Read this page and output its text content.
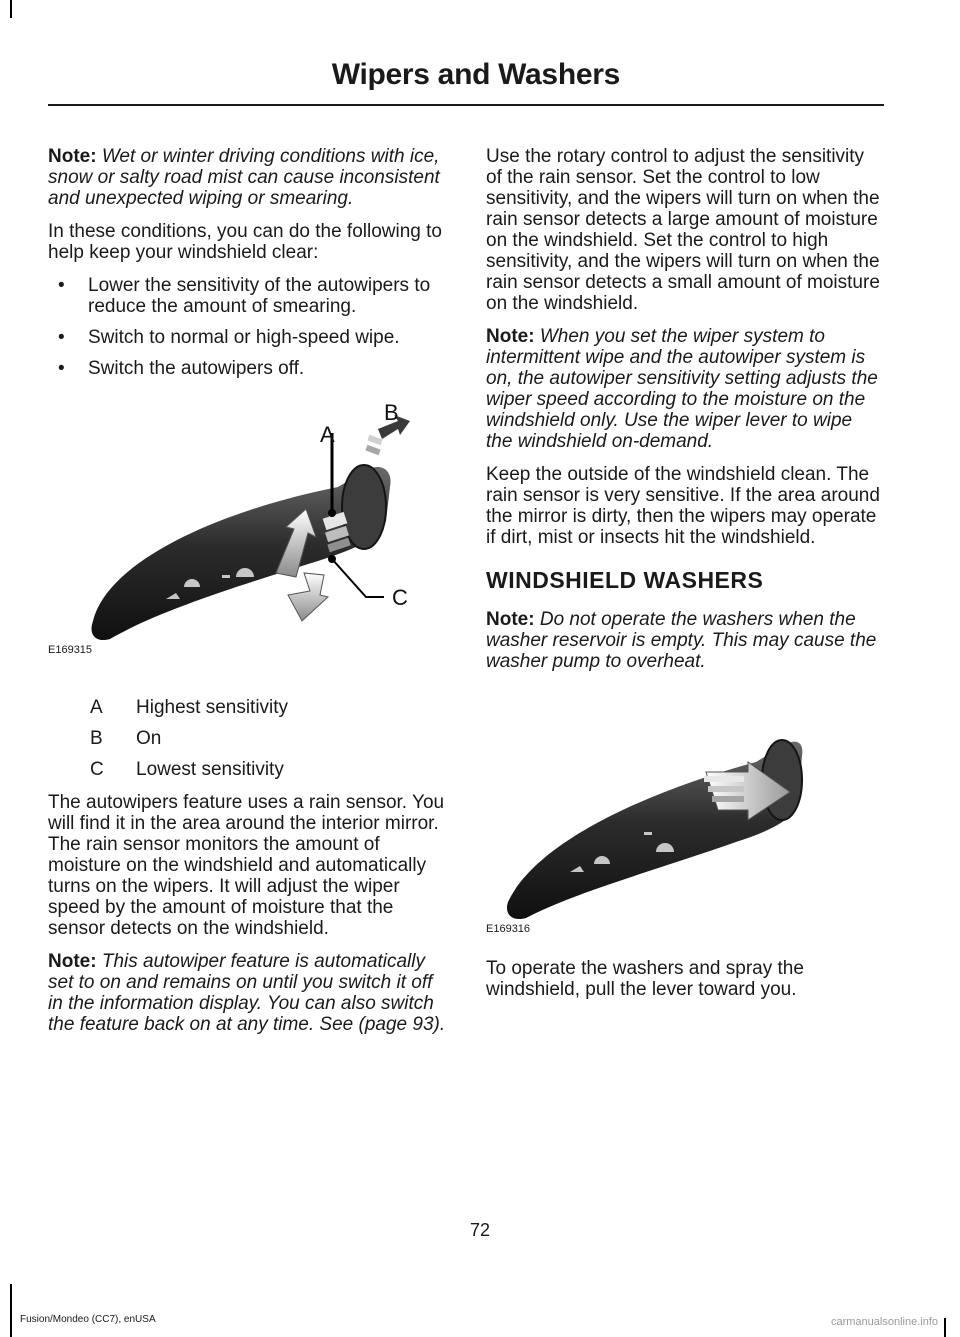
Wipers and Washers

Note: Wet or winter driving conditions with ice, snow or salty road mist can cause inconsistent and unexpected wiping or smearing.

In these conditions, you can do the following to help keep your windshield clear:

• Lower the sensitivity of the autowipers to reduce the amount of smearing.
• Switch to normal or high-speed wipe.
• Switch the autowipers off.
A
B
C
E169315
A	Highest sensitivity
B	On
C	Lowest sensitivity

The autowipers feature uses a rain sensor. You will find it in the area around the interior mirror. The rain sensor monitors the amount of moisture on the windshield and automatically turns on the wipers. It will adjust the wiper speed by the amount of moisture that the sensor detects on the windshield.

Note: This autowiper feature is automatically set to on and remains on until you switch it off in the information display. You can also switch the feature back on at any time. See (page 93).

Use the rotary control to adjust the sensitivity of the rain sensor. Set the control to low sensitivity, and the wipers will turn on when the rain sensor detects a large amount of moisture on the windshield. Set the control to high sensitivity, and the wipers will turn on when the rain sensor detects a small amount of moisture on the windshield.

Note: When you set the wiper system to intermittent wipe and the autowiper system is on, the autowiper sensitivity setting adjusts the wiper speed according to the moisture on the windshield only. Use the wiper lever to wipe the windshield on-demand.

Keep the outside of the windshield clean. The rain sensor is very sensitive. If the area around the mirror is dirty, then the wipers may operate if dirt, mist or insects hit the windshield.

WINDSHIELD WASHERS

Note: Do not operate the washers when the washer reservoir is empty. This may cause the washer pump to overheat.

E169316

To operate the washers and spray the windshield, pull the lever toward you.

72
Fusion/Mondeo (CC7), enUSA	carmanualsonline.info
